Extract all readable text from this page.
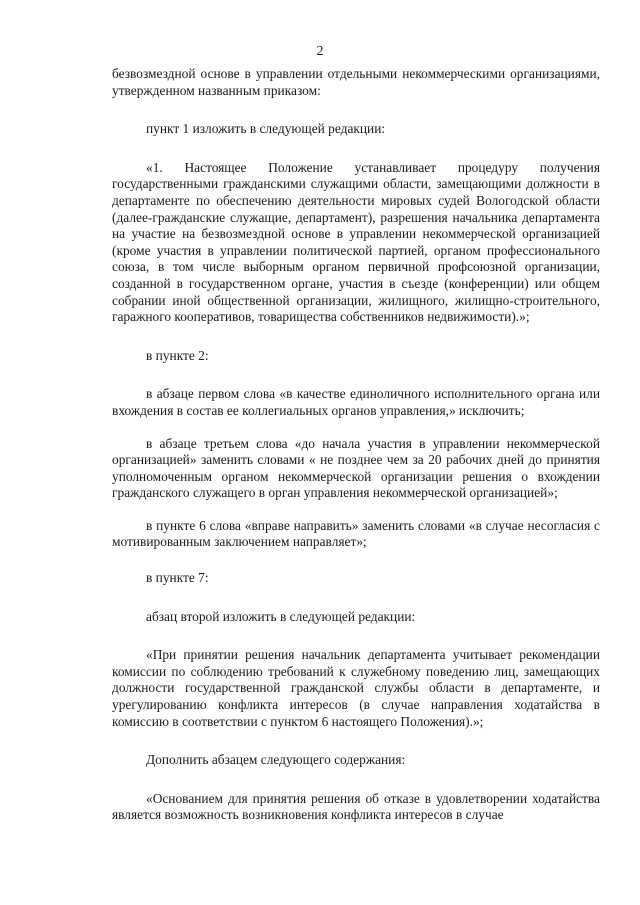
2

безвозмездной основе в управлении отдельными некоммерческими организациями, утвержденном названным приказом:

пункт 1 изложить в следующей редакции:

«1. Настоящее Положение устанавливает процедуру получения государственными гражданскими служащими области, замещающими должности в департаменте по обеспечению деятельности мировых судей Вологодской области (далее-гражданские служащие, департамент), разрешения начальника департамента на участие на безвозмездной основе в управлении некоммерческой организацией (кроме участия в управлении политической партией, органом профессионального союза, в том числе выборным органом первичной профсоюзной организации, созданной в государственном органе, участия в съезде (конференции) или общем собрании иной общественной организации, жилищного, жилищно-строительного, гаражного кооперативов, товарищества собственников недвижимости).»;

в пункте 2:

в абзаце первом слова «в качестве единоличного исполнительного органа или вхождения в состав ее коллегиальных органов управления,» исключить;

в абзаце третьем слова «до начала участия в управлении некоммерческой организацией» заменить словами « не позднее чем за 20 рабочих дней до принятия уполномоченным органом некоммерческой организации решения о вхождении гражданского служащего в орган управления некоммерческой организацией»;

в пункте 6 слова «вправе направить» заменить словами «в случае несогласия с мотивированным заключением направляет»;

в пункте 7:

абзац второй изложить в следующей редакции:

«При принятии решения начальник департамента учитывает рекомендации комиссии по соблюдению требований к служебному поведению лиц, замещающих должности государственной гражданской службы области в департаменте, и урегулированию конфликта интересов (в случае направления ходатайства в комиссию в соответствии с пунктом 6 настоящего Положения).»;

Дополнить абзацем следующего содержания:

«Основанием для принятия решения об отказе в удовлетворении ходатайства является возможность возникновения конфликта интересов в случае
